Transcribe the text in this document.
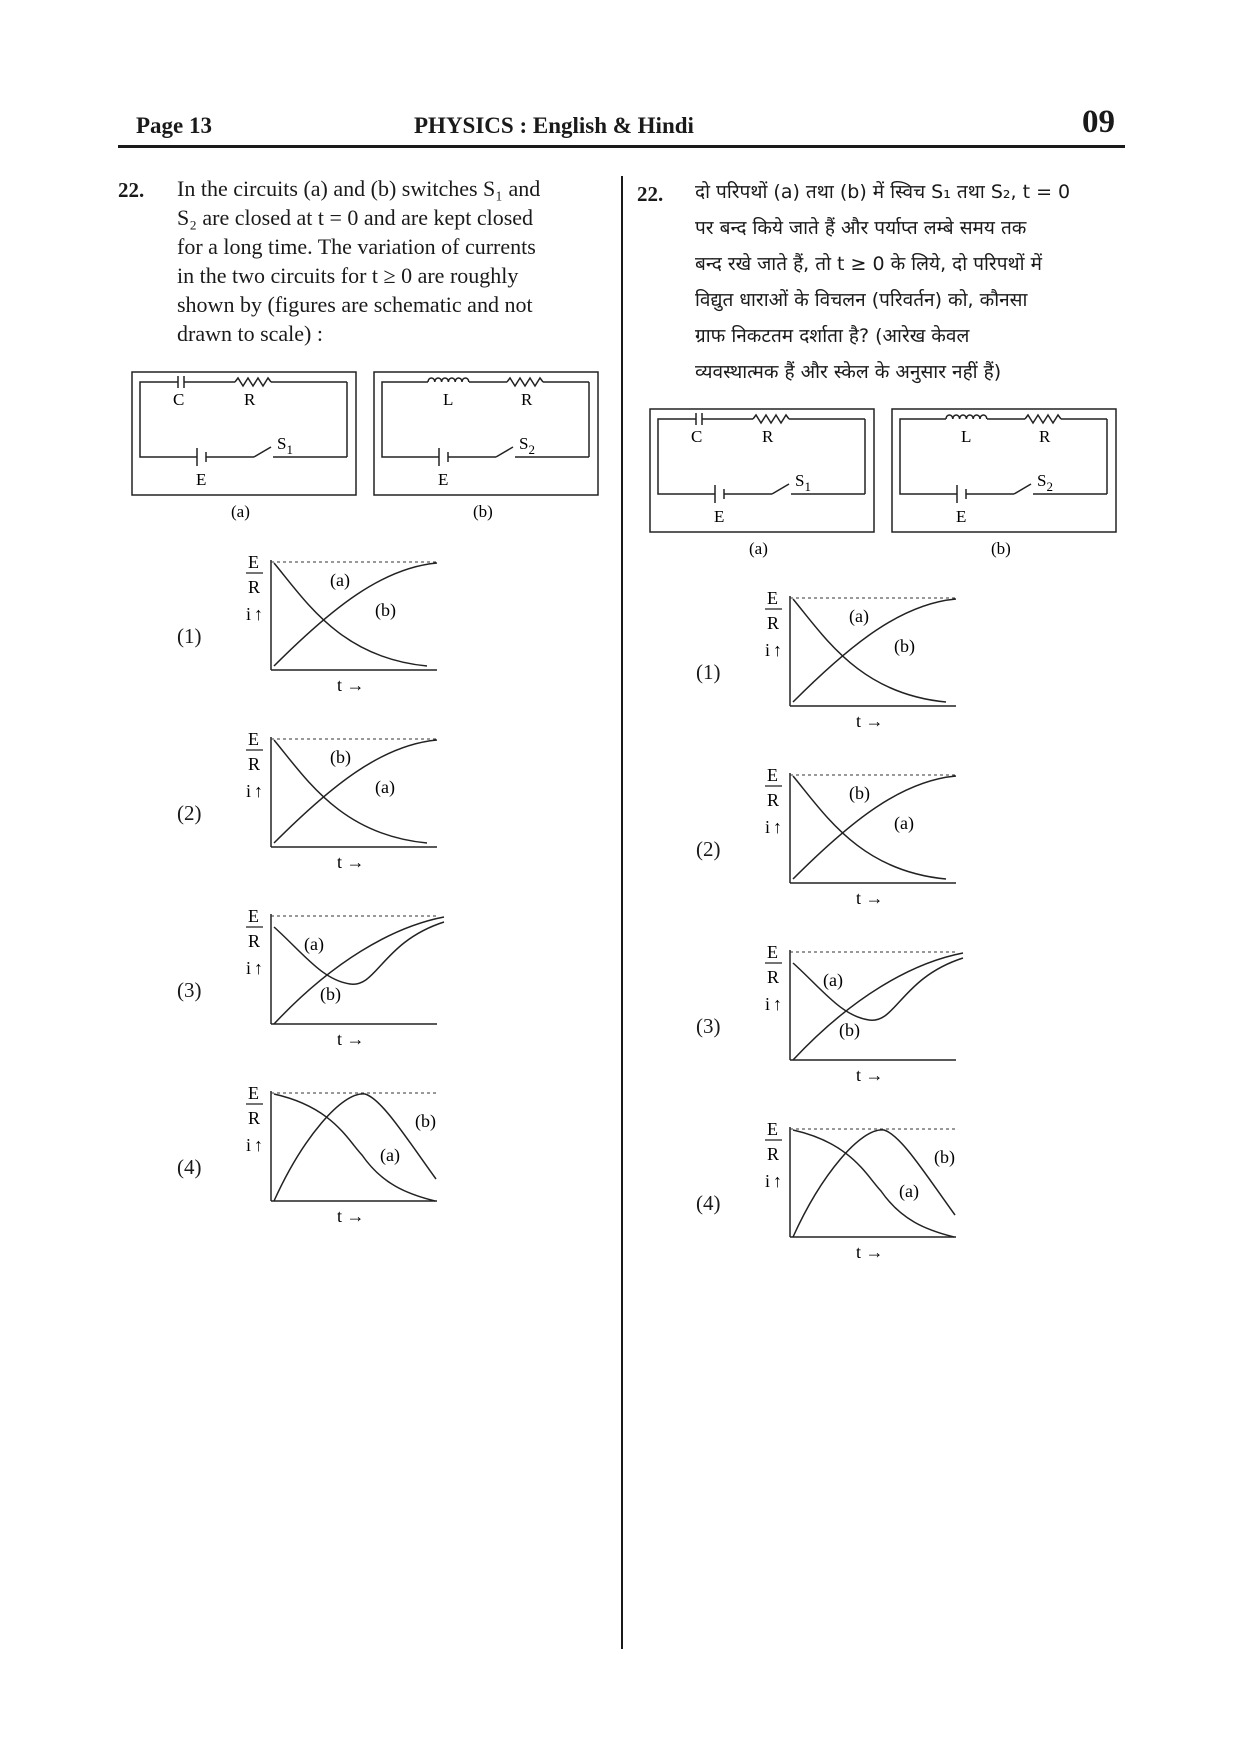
Page 13	PHYSICS : English & Hindi	09
22. In the circuits (a) and (b) switches S₁ and
S₂ are closed at t = 0 and are kept closed
for a long time. The variation of currents
in the two circuits for t ≥ 0 are roughly
shown by (figures are schematic and not
drawn to scale) :
22. दो परिपथों (a) तथा (b) में स्विच S₁ तथा S₂, t = 0
पर बन्द किये जाते हैं और पर्याप्त लम्बे समय तक
बन्द रखे जाते हैं, तो t ≥ 0 के लिये, दो परिपथों में
विद्युत धाराओं के विचलन (परिवर्तन) को, कौनसा
ग्राफ निकटतम दर्शाता है? (आरेख केवल
व्यवस्थात्मक हैं और स्केल के अनुसार नहीं हैं)
C	R
E
$S_1$
(a)
L	R
E
$S_2$
(b)
(1)
E
R
i ↑
(a)
(b)
t →
(2)
E
R
i ↑
(b)
(a)
t →
(3)
E
R
i ↑
(a)
(b)
t →
(4)
E
R
i ↑
(b)
(a)
t →
C	R
E
$S_1$
(a)
L	R
E
$S_2$
(b)
(1)
E
R
i ↑
(a)
(b)
t →
(2)
E
R
i ↑
(b)
(a)
t →
(3)
E
R
i ↑
(a)
(b)
t →
(4)
E
R
i ↑
(b)
(a)
t →
